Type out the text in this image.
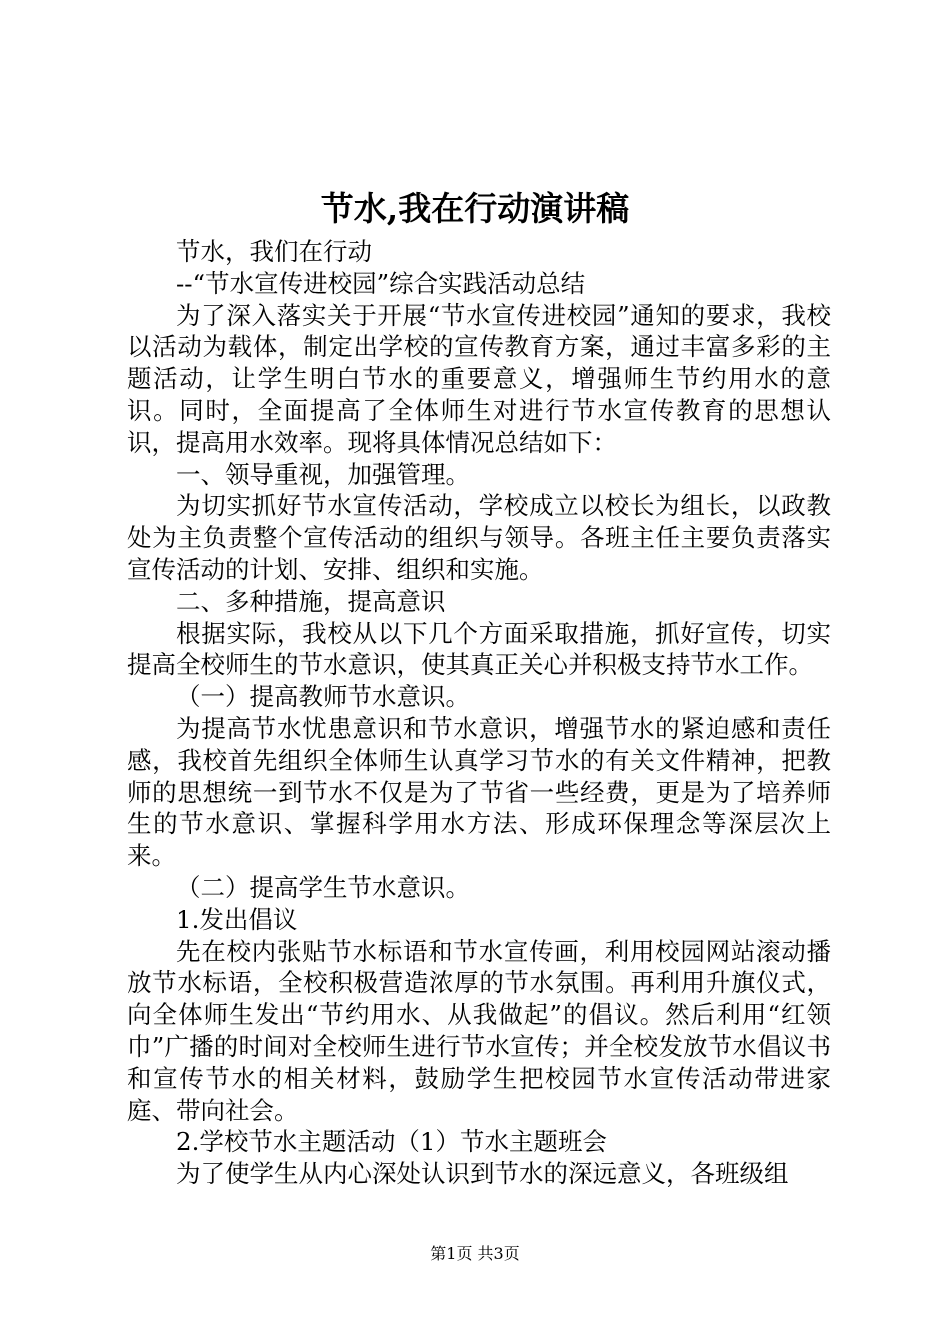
节水,我在行动演讲稿

节水，我们在行动

--“节水宣传进校园”综合实践活动总结

为了深入落实关于开展“节水宣传进校园”通知的要求，我校以活动为载体，制定出学校的宣传教育方案，通过丰富多彩的主题活动，让学生明白节水的重要意义，增强师生节约用水的意识。同时，全面提高了全体师生对进行节水宣传教育的思想认识，提高用水效率。现将具体情况总结如下：

一、领导重视，加强管理。

为切实抓好节水宣传活动，学校成立以校长为组长，以政教处为主负责整个宣传活动的组织与领导。各班主任主要负责落实宣传活动的计划、安排、组织和实施。

二、多种措施，提高意识

根据实际，我校从以下几个方面采取措施，抓好宣传，切实提高全校师生的节水意识，使其真正关心并积极支持节水工作。

（一）提高教师节水意识。

为提高节水忧患意识和节水意识，增强节水的紧迫感和责任感，我校首先组织全体师生认真学习节水的有关文件精神，把教师的思想统一到节水不仅是为了节省一些经费，更是为了培养师生的节水意识、掌握科学用水方法、形成环保理念等深层次上来。

（二）提高学生节水意识。

1.发出倡议

先在校内张贴节水标语和节水宣传画，利用校园网站滚动播放节水标语，全校积极营造浓厚的节水氛围。再利用升旗仪式，向全体师生发出“节约用水、从我做起”的倡议。然后利用“红领巾”广播的时间对全校师生进行节水宣传；并全校发放节水倡议书和宣传节水的相关材料，鼓励学生把校园节水宣传活动带进家庭、带向社会。

2.学校节水主题活动（1）节水主题班会

为了使学生从内心深处认识到节水的深远意义，各班级组

第1页 共3页
